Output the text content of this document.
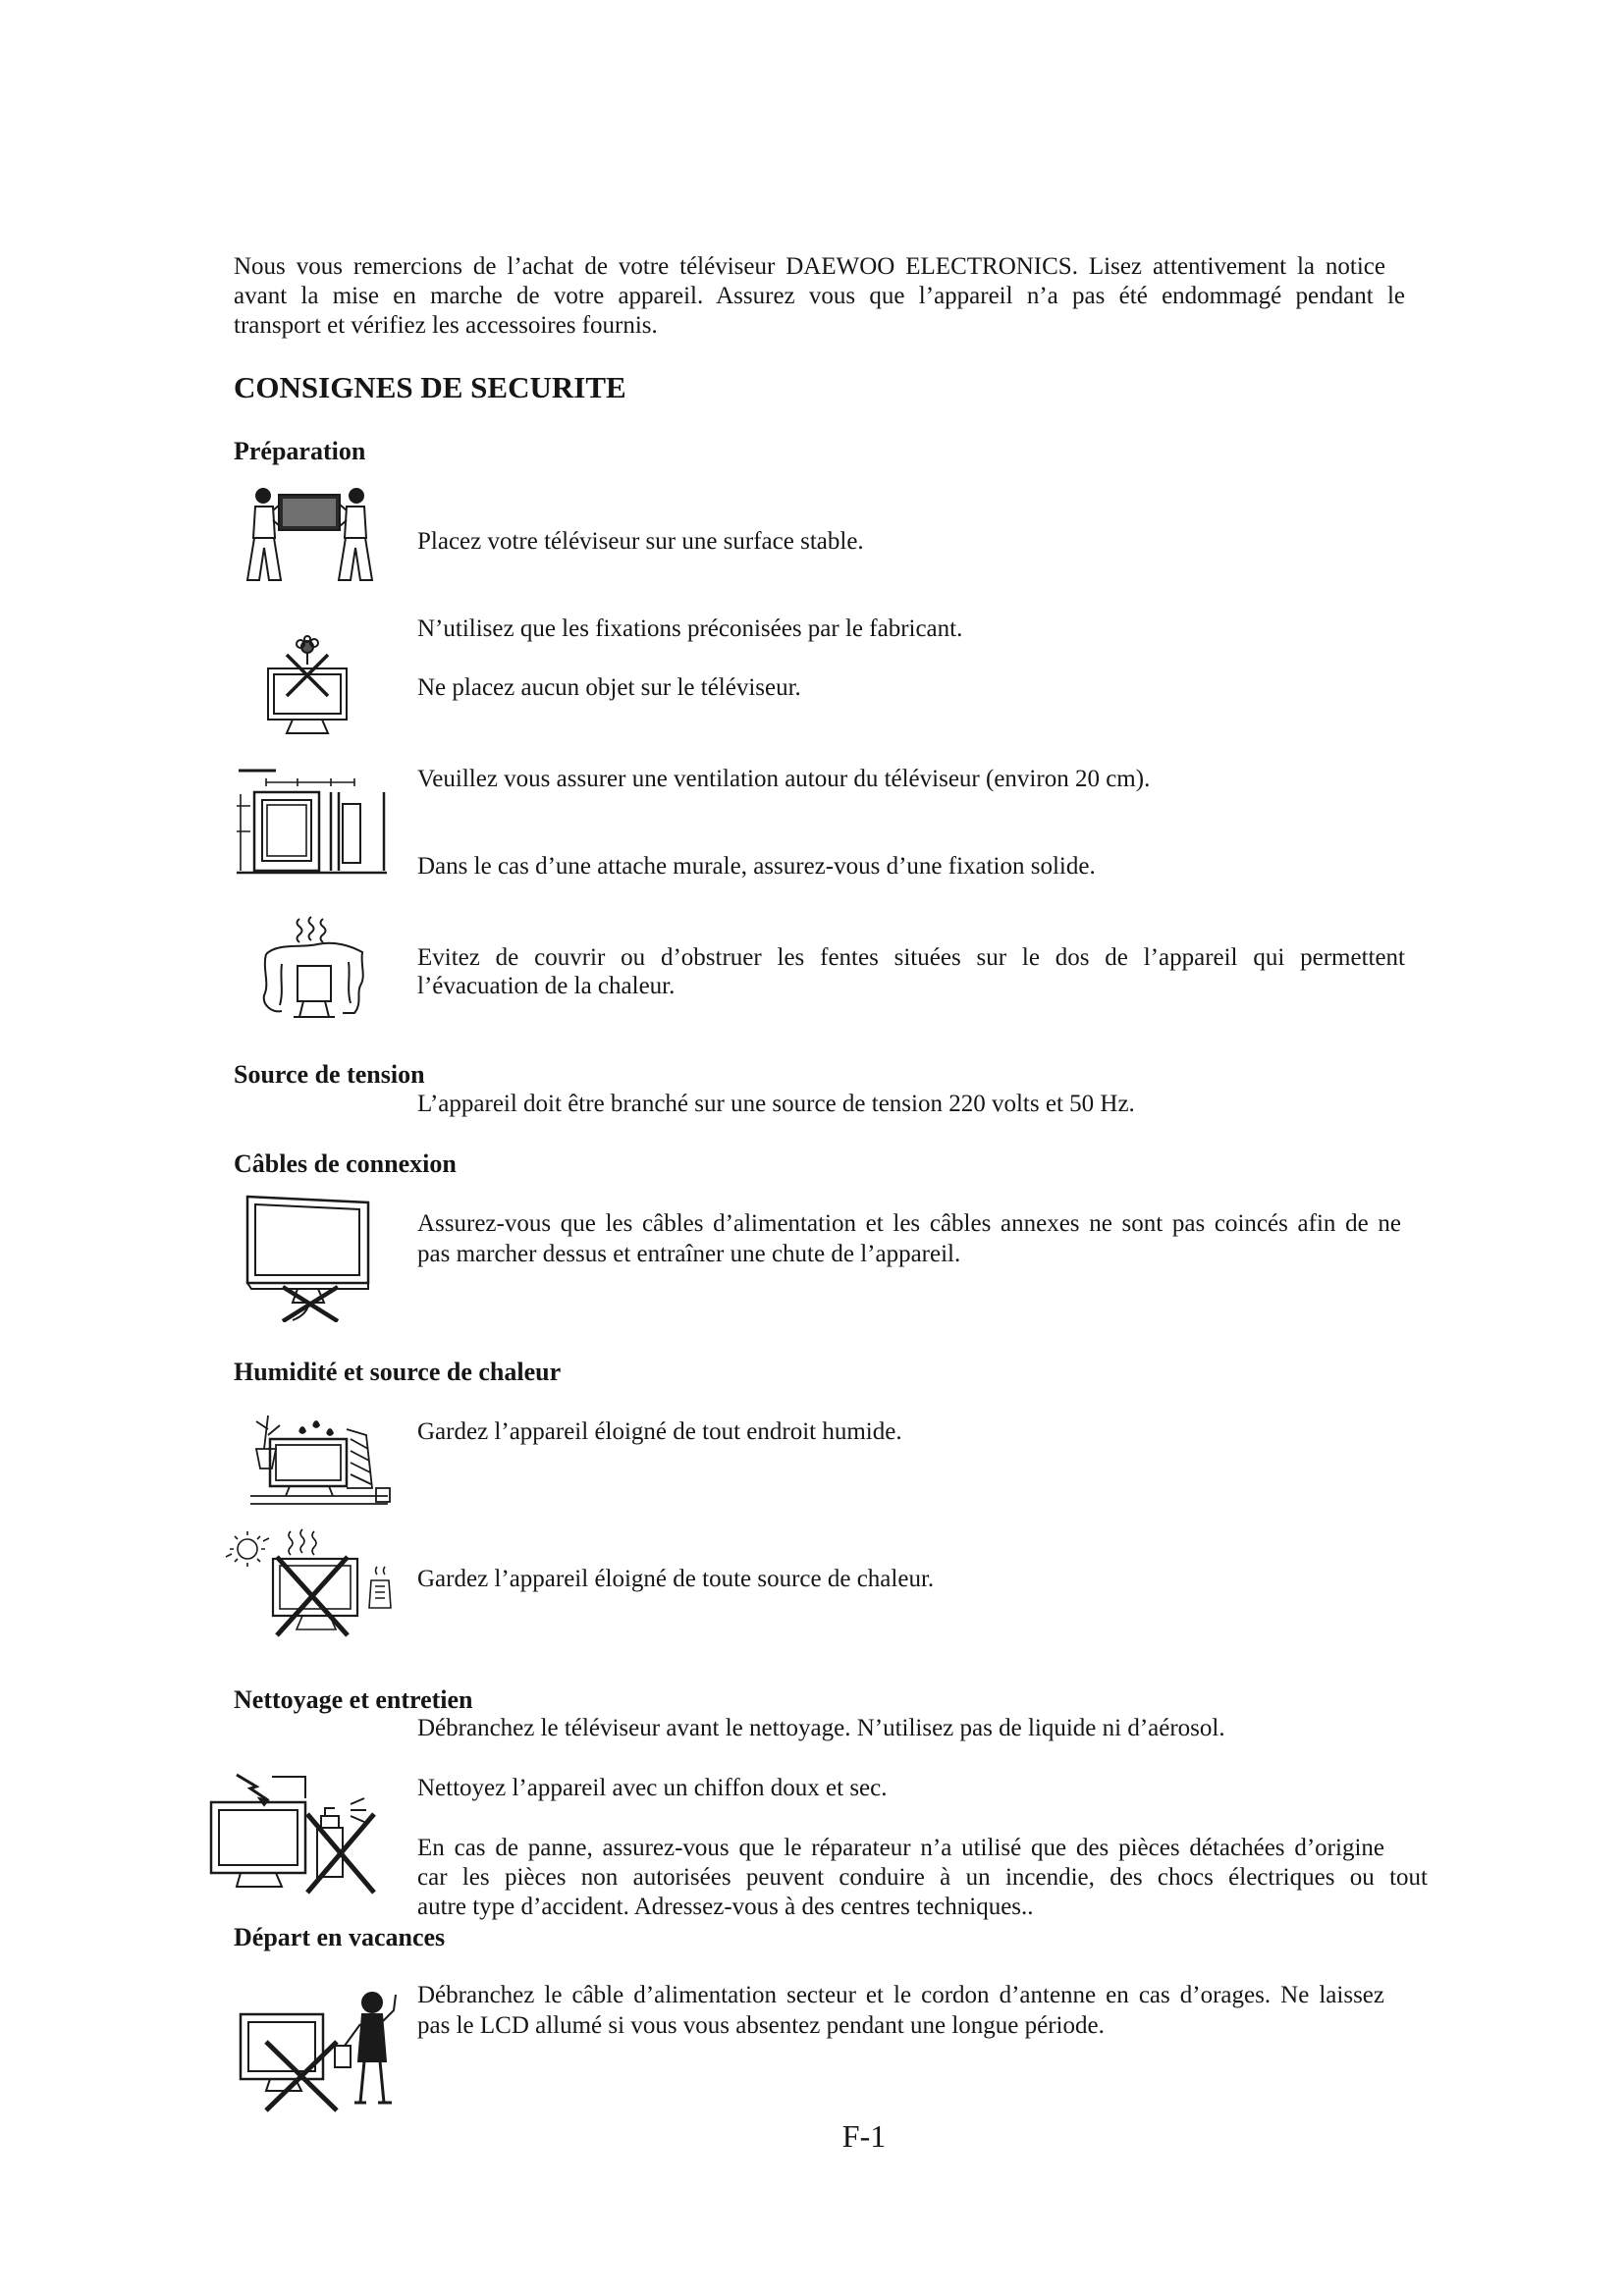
Nous vous remercions de l’achat de votre téléviseur DAEWOO ELECTRONICS. Lisez attentivement la notice
avant la mise en marche de votre appareil. Assurez vous que l’appareil n’a pas été endommagé pendant le
transport et vérifiez les accessoires fournis.
CONSIGNES DE SECURITE
Préparation
Placez votre téléviseur sur une surface stable.
N’utilisez que les fixations préconisées par le fabricant.
Ne placez aucun objet sur le téléviseur.
Veuillez vous assurer une ventilation autour du téléviseur (environ 20 cm).
Dans le cas d’une attache murale, assurez-vous d’une fixation solide.
Evitez de couvrir ou d’obstruer les fentes situées sur le dos de l’appareil qui permettent
l’évacuation de la chaleur.
Source de tension
L’appareil doit être branché sur une source de tension 220 volts et 50 Hz.
Câbles de connexion
Assurez-vous que les câbles d’alimentation et les câbles annexes ne sont pas coincés afin de ne
pas marcher dessus et entraîner une chute de l’appareil.
Humidité et source de chaleur
Gardez l’appareil éloigné de tout endroit humide.
Gardez l’appareil éloigné de toute source de chaleur.
Nettoyage et entretien
Débranchez le téléviseur avant le nettoyage. N’utilisez pas de liquide ni d’aérosol.
Nettoyez l’appareil avec un chiffon doux et sec.
En cas de panne, assurez-vous que le réparateur n’a utilisé que des pièces détachées d’origine
car les pièces non autorisées peuvent conduire à un incendie, des chocs électriques ou tout
autre type d’accident. Adressez-vous à des centres techniques..
Départ en vacances
Débranchez le câble d’alimentation secteur et le cordon d’antenne en cas d’orages. Ne laissez
pas le LCD allumé si vous vous absentez pendant une longue période.
F-1
